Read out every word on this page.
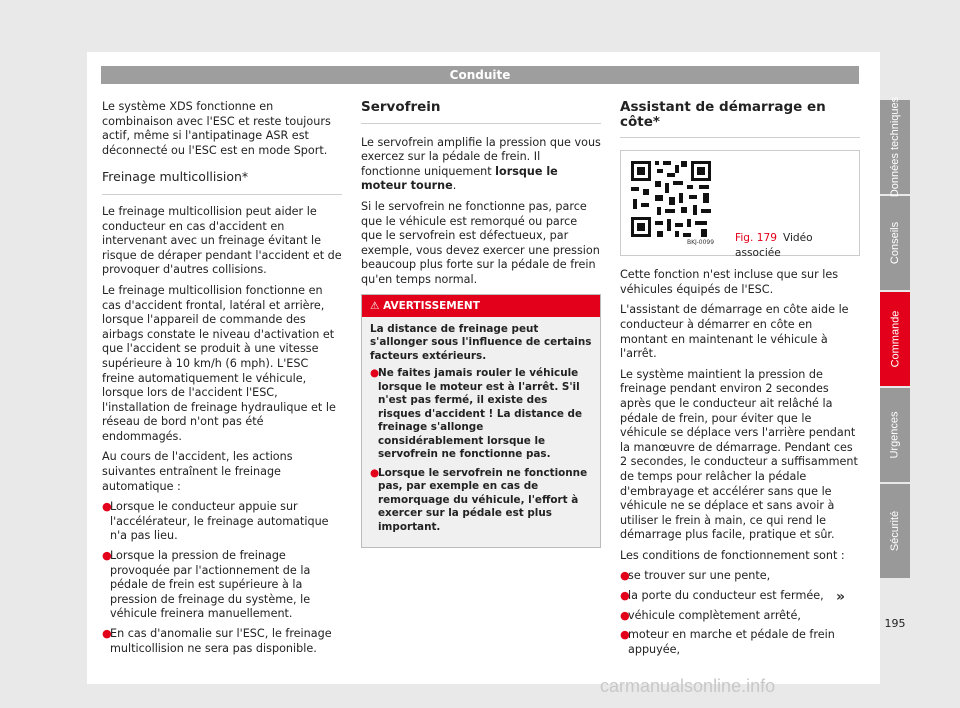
Conduite

Le système XDS fonctionne en combinaison avec l'ESC et reste toujours actif, même si l'antipatinage ASR est déconnecté ou l'ESC est en mode Sport.

Freinage multicollision*

Le freinage multicollision peut aider le conducteur en cas d'accident en intervenant avec un freinage évitant le risque de déraper pendant l'accident et de provoquer d'autres collisions.

Le freinage multicollision fonctionne en cas d'accident frontal, latéral et arrière, lorsque l'appareil de commande des airbags constate le niveau d'activation et que l'accident se produit à une vitesse supérieure à 10 km/h (6 mph). L'ESC freine automatiquement le véhicule, lorsque lors de l'accident l'ESC, l'installation de freinage hydraulique et le réseau de bord n'ont pas été endommagés.

Au cours de l'accident, les actions suivantes entraînent le freinage automatique :

●
Lorsque le conducteur appuie sur l'accélérateur, le freinage automatique n'a pas lieu.
●
Lorsque la pression de freinage provoquée par l'actionnement de la pédale de frein est supérieure à la pression de freinage du système, le véhicule freinera manuellement.
●
En cas d'anomalie sur l'ESC, le freinage multicollision ne sera pas disponible.
Servofrein

Le servofrein amplifie la pression que vous exercez sur la pédale de frein. Il fonctionne uniquement lorsque le moteur tourne.

Si le servofrein ne fonctionne pas, parce que le véhicule est remorqué ou parce que le servofrein est défectueux, par exemple, vous devez exercer une pression beaucoup plus forte sur la pédale de frein qu'en temps normal.

⚠ AVERTISSEMENT

La distance de freinage peut s'allonger sous l'influence de certains facteurs extérieurs.

●
Ne faites jamais rouler le véhicule lorsque le moteur est à l'arrêt. S'il n'est pas fermé, il existe des risques d'accident ! La distance de freinage s'allonge considérablement lorsque le servofrein ne fonctionne pas.
●
Lorsque le servofrein ne fonctionne pas, par exemple en cas de remorquage du véhicule, l'effort à exercer sur la pédale est plus important.
Assistant de démarrage en côte*
BKJ-0099 Fig. 179 Vidéo associée

Cette fonction n'est incluse que sur les véhicules équipés de l'ESC.

L'assistant de démarrage en côte aide le conducteur à démarrer en côte en montant en maintenant le véhicule à l'arrêt.

Le système maintient la pression de freinage pendant environ 2 secondes après que le conducteur ait relâché la pédale de frein, pour éviter que le véhicule se déplace vers l'arrière pendant la manœuvre de démarrage. Pendant ces 2 secondes, le conducteur a suffisamment de temps pour relâcher la pédale d'embrayage et accélérer sans que le véhicule ne se déplace et sans avoir à utiliser le frein à main, ce qui rend le démarrage plus facile, pratique et sûr.

Les conditions de fonctionnement sont :

●
se trouver sur une pente,
●
la porte du conducteur est fermée,
●
véhicule complètement arrêté,
●
moteur en marche et pédale de frein appuyée,
»
Données techniques
Conseils
Commande
Urgences
Sécurité
195
carmanualsonline.info
